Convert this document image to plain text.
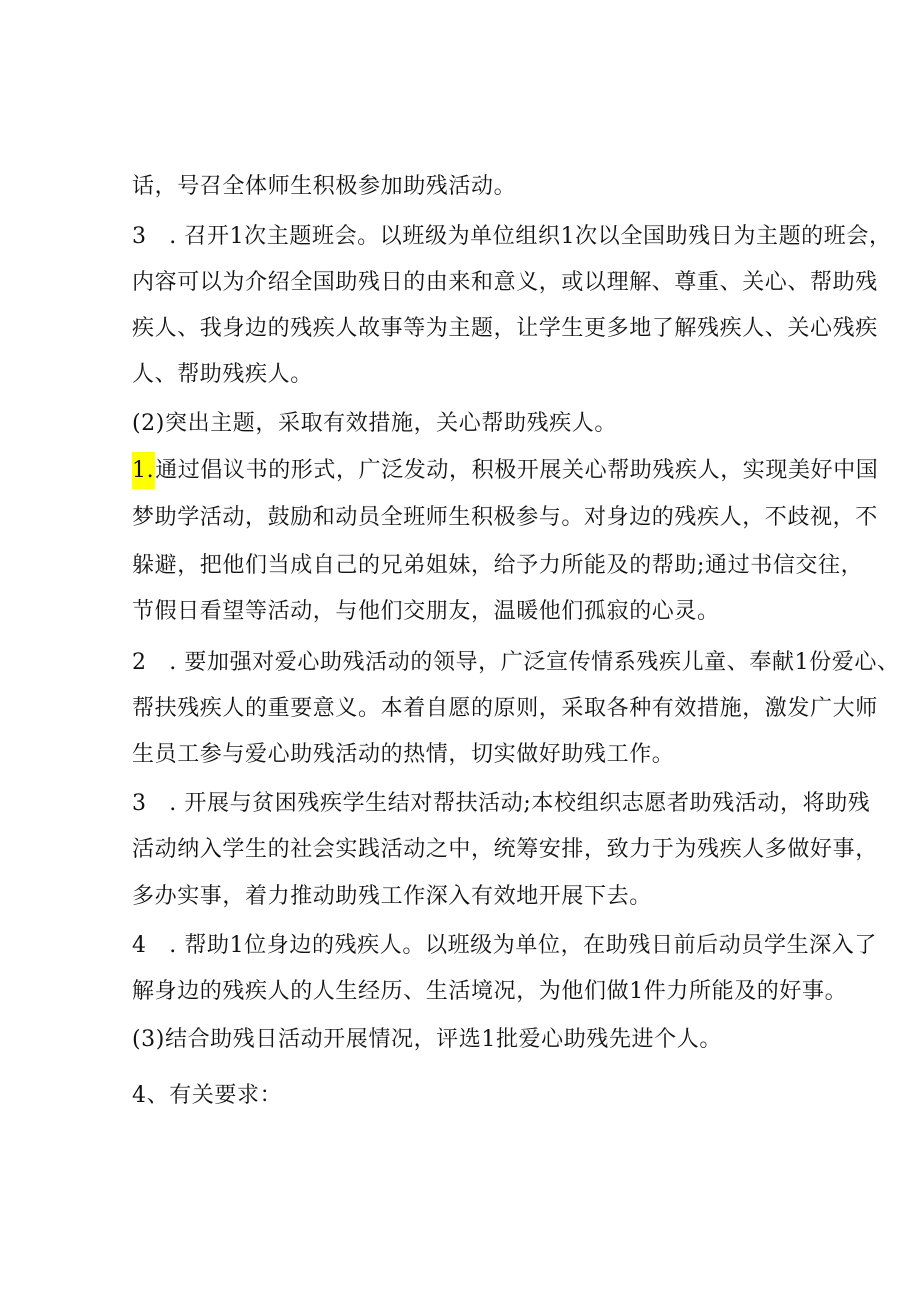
话，号召全体师生积极参加助残活动。
3　. 召开1次主题班会。以班级为单位组织1次以全国助残日为主题的班会，
内容可以为介绍全国助残日的由来和意义，或以理解、尊重、关心、帮助残
疾人、我身边的残疾人故事等为主题，让学生更多地了解残疾人、关心残疾
人、帮助残疾人。
(2)突出主题，采取有效措施，关心帮助残疾人。
1.通过倡议书的形式，广泛发动，积极开展关心帮助残疾人，实现美好中国
梦助学活动，鼓励和动员全班师生积极参与。对身边的残疾人，不歧视，不
躲避，把他们当成自己的兄弟姐妹，给予力所能及的帮助;通过书信交往，
节假日看望等活动，与他们交朋友，温暖他们孤寂的心灵。
2　. 要加强对爱心助残活动的领导，广泛宣传情系残疾儿童、奉献1份爱心、
帮扶残疾人的重要意义。本着自愿的原则，采取各种有效措施，激发广大师
生员工参与爱心助残活动的热情，切实做好助残工作。
3　. 开展与贫困残疾学生结对帮扶活动;本校组织志愿者助残活动，将助残
活动纳入学生的社会实践活动之中，统筹安排，致力于为残疾人多做好事，
多办实事，着力推动助残工作深入有效地开展下去。
4　. 帮助1位身边的残疾人。以班级为单位，在助残日前后动员学生深入了
解身边的残疾人的人生经历、生活境况，为他们做1件力所能及的好事。
(3)结合助残日活动开展情况，评选1批爱心助残先进个人。
4、有关要求：
